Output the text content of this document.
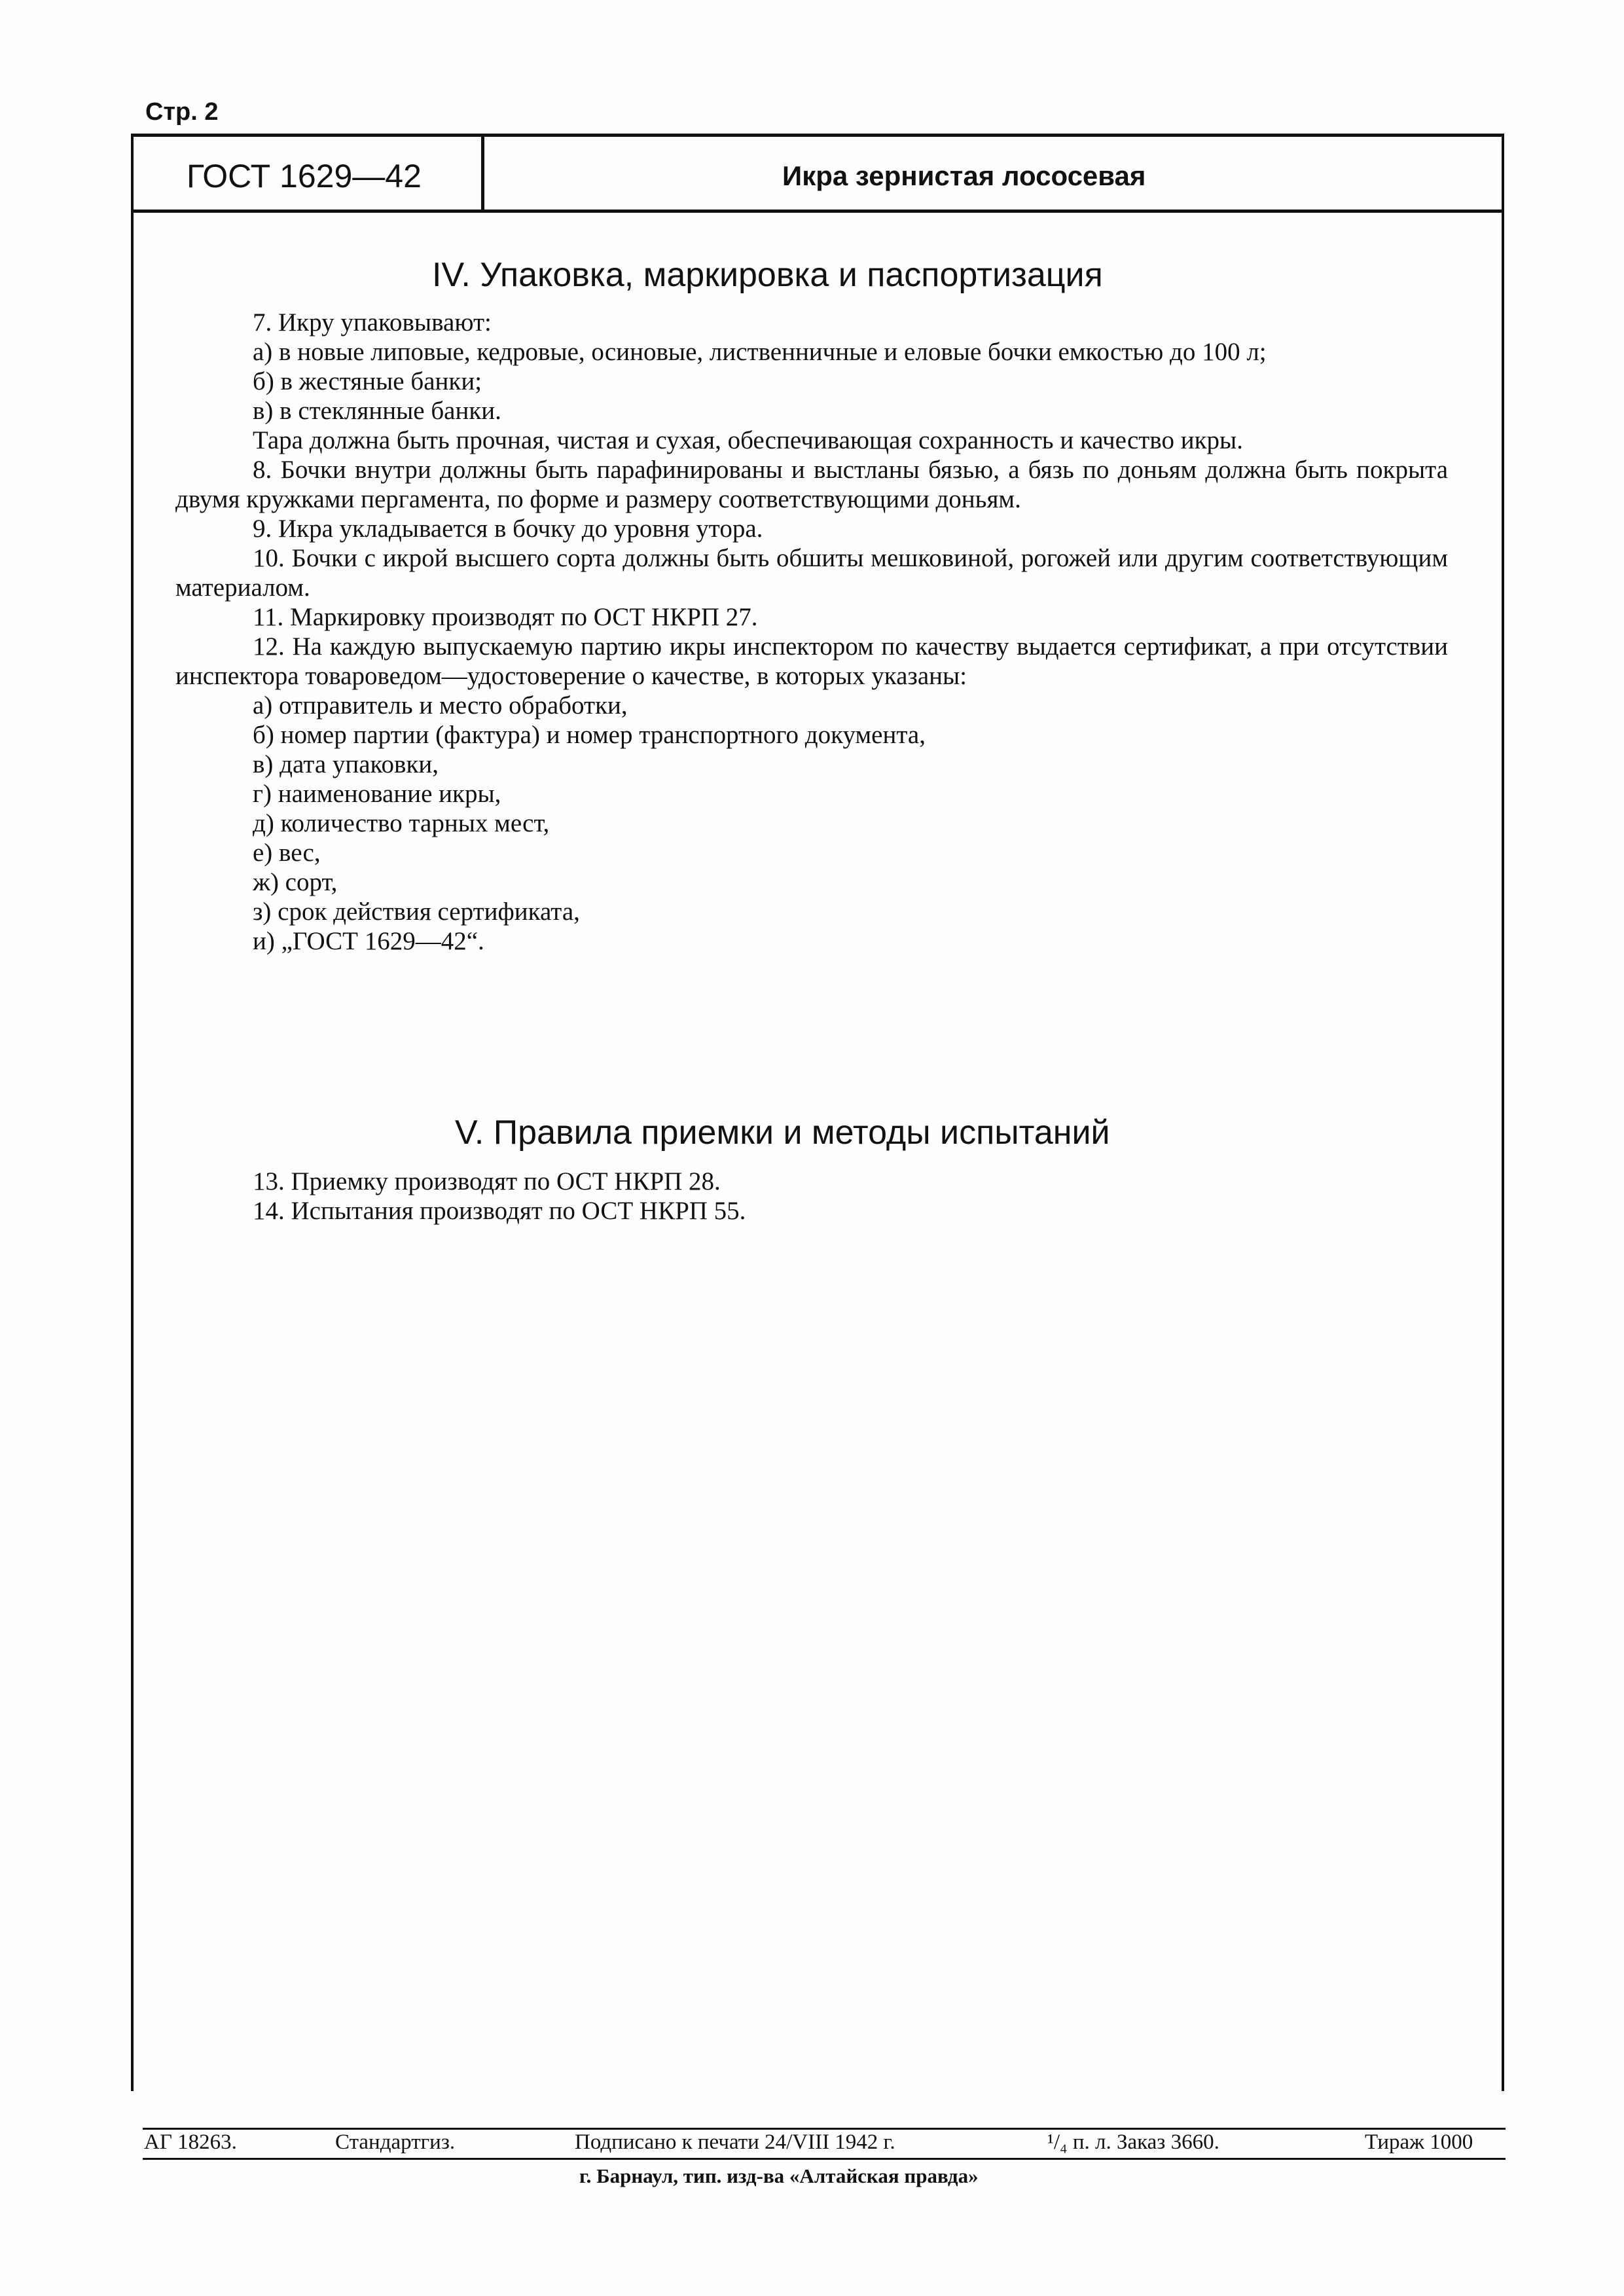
Стр. 2
ГОСТ 1629—42	Икра зернистая лососевая
IV. Упаковка, маркировка и паспортизация

7. Икру упаковывают:

а) в новые липовые, кедровые, осиновые, лиственничные и еловые бочки емкостью до 100 л;

б) в жестяные банки;

в) в стеклянные банки.

Тара должна быть прочная, чистая и сухая, обеспечивающая сохранность и качество икры.

8. Бочки внутри должны быть парафинированы и выстланы бязью, а бязь по доньям должна быть покрыта двумя кружками пергамента, по форме и размеру соответствующими доньям.

9. Икра укладывается в бочку до уровня утора.

10. Бочки с икрой высшего сорта должны быть обшиты мешковиной, рогожей или другим соответствующим материалом.

11. Маркировку производят по ОСТ НКРП 27.

12. На каждую выпускаемую партию икры инспектором по качеству выдается сертификат, а при отсутствии инспектора товароведом—удостоверение о качестве, в которых указаны:

а) отправитель и место обработки,

б) номер партии (фактура) и номер транспортного документа,

в) дата упаковки,

г) наименование икры,

д) количество тарных мест,

е) вес,

ж) сорт,

з) срок действия сертификата,

и) „ГОСТ 1629—42“.

V. Правила приемки и методы испытаний

13. Приемку производят по ОСТ НКРП 28.

14. Испытания производят по ОСТ НКРП 55.

АГ 18263.	Стандартгиз.	Подписано к печати 24/VIII 1942 г.	¹/₄ п. л. Заказ 3660.	Тираж 1000
г. Барнаул, тип. изд-ва «Алтайская правда»
